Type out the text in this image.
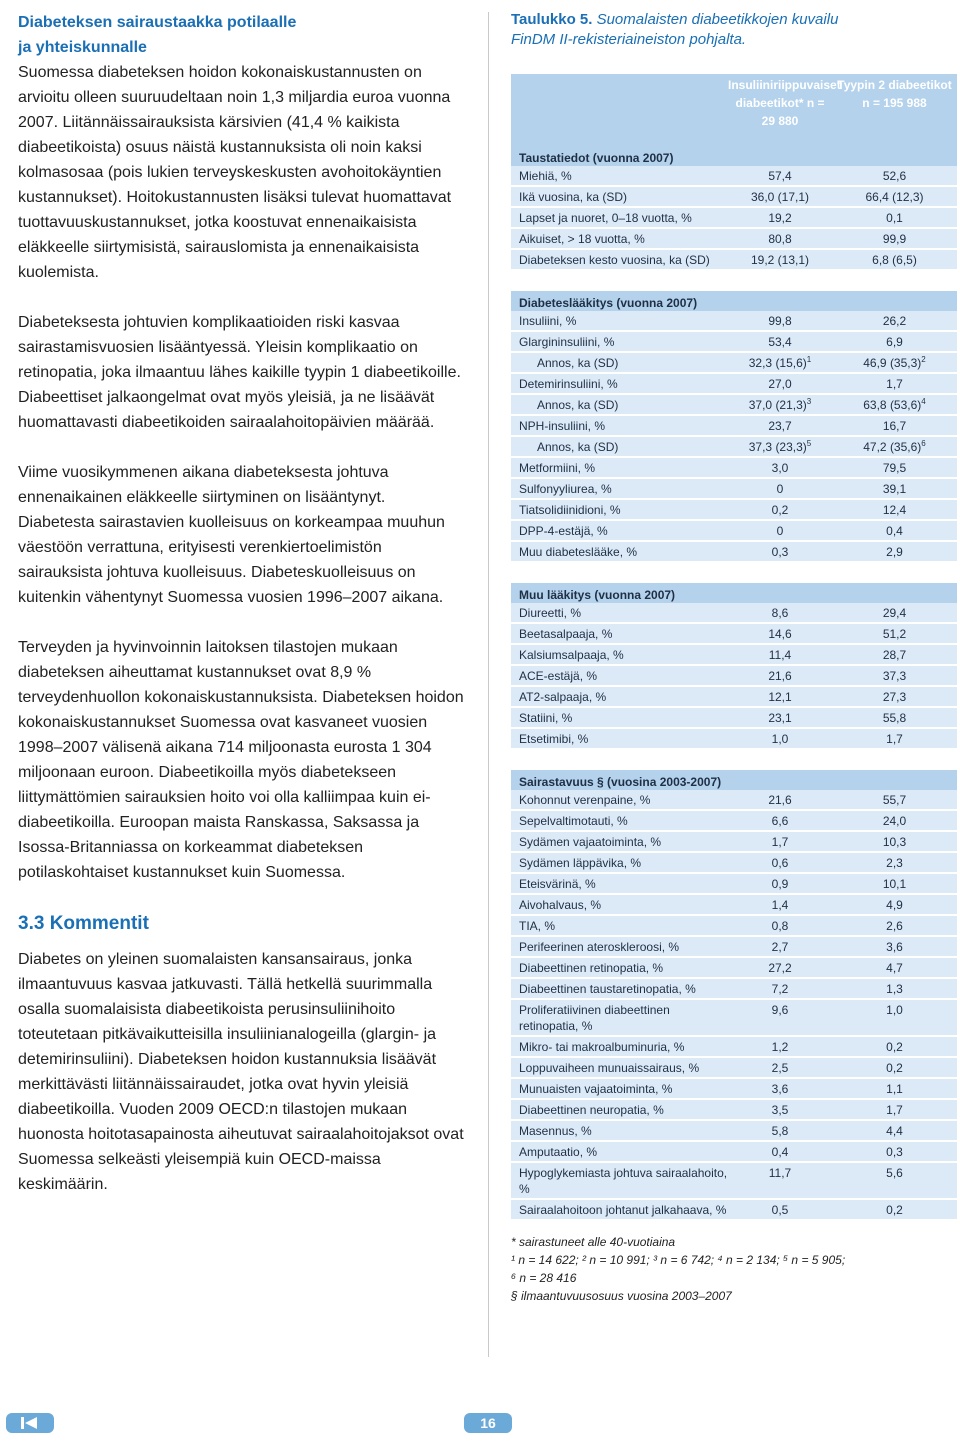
Diabeteksen sairaustaakka potilaalle
ja yhteiskunnalle

Suomessa diabeteksen hoidon kokonaiskustannusten on arvioitu olleen suuruudeltaan noin 1,3 miljardia euroa vuonna 2007. Liitännäissairauksista kärsivien (41,4 % kaikista diabeetikoista) osuus näistä kustannuksista oli noin kaksi kolmasosaa (pois lukien terveyskeskusten avohoitokäyntien kustannukset). Hoitokustannusten lisäksi tulevat huomattavat tuottavuuskustannukset, jotka koostuvat ennenaikaisista eläkkeelle siirtymisistä, sairauslomista ja ennenaikaisista kuolemista.

Diabeteksesta johtuvien komplikaatioiden riski kasvaa sairastamisvuosien lisääntyessä. Yleisin komplikaatio on retinopatia, joka ilmaantuu lähes kaikille tyypin 1 diabeetikoille. Diabeettiset jalkaongelmat ovat myös yleisiä, ja ne lisäävät huomattavasti diabeetikoiden sairaalahoitopäivien määrää.

Viime vuosikymmenen aikana diabeteksesta johtuva ennenaikainen eläkkeelle siirtyminen on lisääntynyt. Diabetesta sairastavien kuolleisuus on korkeampaa muuhun väestöön verrattuna, erityisesti verenkiertoelimistön sairauksista johtuva kuolleisuus. Diabeteskuolleisuus on kuitenkin vähentynyt Suomessa vuosien 1996–2007 aikana.

Terveyden ja hyvinvoinnin laitoksen tilastojen mukaan diabeteksen aiheuttamat kustannukset ovat 8,9 % terveydenhuollon kokonaiskustannuksista. Diabeteksen hoidon kokonaiskustannukset Suomessa ovat kasvaneet vuosien 1998–2007 välisenä aikana 714 miljoonasta eurosta 1 304 miljoonaan euroon. Diabeetikoilla myös diabetekseen liittymättömien sairauksien hoito voi olla kalliimpaa kuin ei-diabeetikoilla. Euroopan maista Ranskassa, Saksassa ja Isossa-Britanniassa on korkeammat diabeteksen potilaskohtaiset kustannukset kuin Suomessa.

3.3 Kommentit

Diabetes on yleinen suomalaisten kansansairaus, jonka ilmaantuvuus kasvaa jatkuvasti. Tällä hetkellä suurimmalla osalla suomalaisista diabeetikoista perusinsuliinihoito toteutetaan pitkävaikutteisilla insuliinianalogeilla (glargin- ja detemirinsuliini). Diabeteksen hoidon kustannuksia lisäävät merkittävästi liitännäissairaudet, jotka ovat hyvin yleisiä diabeetikoilla. Vuoden 2009 OECD:n tilastojen mukaan huonosta hoitotasapainosta aiheutuvat sairaalahoitojaksot ovat Suomessa selkeästi yleisempiä kuin OECD-maissa keskimäärin.

Taulukko 5. Suomalaisten diabeetikkojen kuvailu
FinDM II-rekisteriaineiston pohjalta.
Insuliiniriippuvaiset diabeetikot* n = 29 880
Tyypin 2 diabeetikot n = 195 988
Taustatiedot (vuonna 2007)
Miehiä, %	57,4	52,6
Ikä vuosina, ka (SD)	36,0 (17,1)	66,4 (12,3)
Lapset ja nuoret, 0–18 vuotta, %	19,2	0,1
Aikuiset, > 18 vuotta, %	80,8	99,9
Diabeteksen kesto vuosina, ka (SD)	19,2 (13,1)	6,8 (6,5)
Diabeteslääkitys (vuonna 2007)
Insuliini, %	99,8	26,2
Glargininsuliini, %	53,4	6,9
Annos, ka (SD)	32,3 $(15,6)^1$	46,9 $(35,3)^2$
Detemirinsuliini, %	27,0	1,7
Annos, ka (SD)	37,0 $(21,3)^3$	63,8 $(53,6)^4$
NPH-insuliini, %	23,7	16,7
Annos, ka (SD)	37,3 $(23,3)^5$	47,2 $(35,6)^6$
Metformiini, %	3,0	79,5
Sulfonyyliurea, %	0	39,1
Tiatsolidiinidioni, %	0,2	12,4
DPP-4-estäjä, %	0	0,4
Muu diabeteslääke, %	0,3	2,9
Muu lääkitys (vuonna 2007)
Diureetti, %	8,6	29,4
Beetasalpaaja, %	14,6	51,2
Kalsiumsalpaaja, %	11,4	28,7
ACE-estäjä, %	21,6	37,3
AT2-salpaaja, %	12,1	27,3
Statiini, %	23,1	55,8
Etsetimibi, %	1,0	1,7
Sairastavuus § (vuosina 2003-2007)
Kohonnut verenpaine, %	21,6	55,7
Sepelvaltimotauti, %	6,6	24,0
Sydämen vajaatoiminta, %	1,7	10,3
Sydämen läppävika, %	0,6	2,3
Eteisvärinä, %	0,9	10,1
Aivohalvaus, %	1,4	4,9
TIA, %	0,8	2,6
Perifeerinen ateroskleroosi, %	2,7	3,6
Diabeettinen retinopatia, %	27,2	4,7
Diabeettinen taustaretinopatia, %	7,2	1,3
Proliferatiivinen diabeettinen retinopatia, %
9,6	1,0
Mikro- tai makroalbuminuria, %	1,2	0,2
Loppuvaiheen munuaissairaus, %	2,5	0,2
Munuaisten vajaatoiminta, %	3,6	1,1
Diabeettinen neuropatia, %	3,5	1,7
Masennus, %	5,8	4,4
Amputaatio, %	0,4	0,3
Hypoglykemiasta johtuva sairaalahoito, %
11,7	5,6
Sairaalahoitoon johtanut jalkahaava, %	0,5	0,2
* sairastuneet alle 40-vuotiaina
¹ n = 14 622; ² n = 10 991; ³ n = 6 742; ⁴ n = 2 134; ⁵ n = 5 905;
⁶ n = 28 416
§ ilmaantuvuusosuus vuosina 2003–2007
16
